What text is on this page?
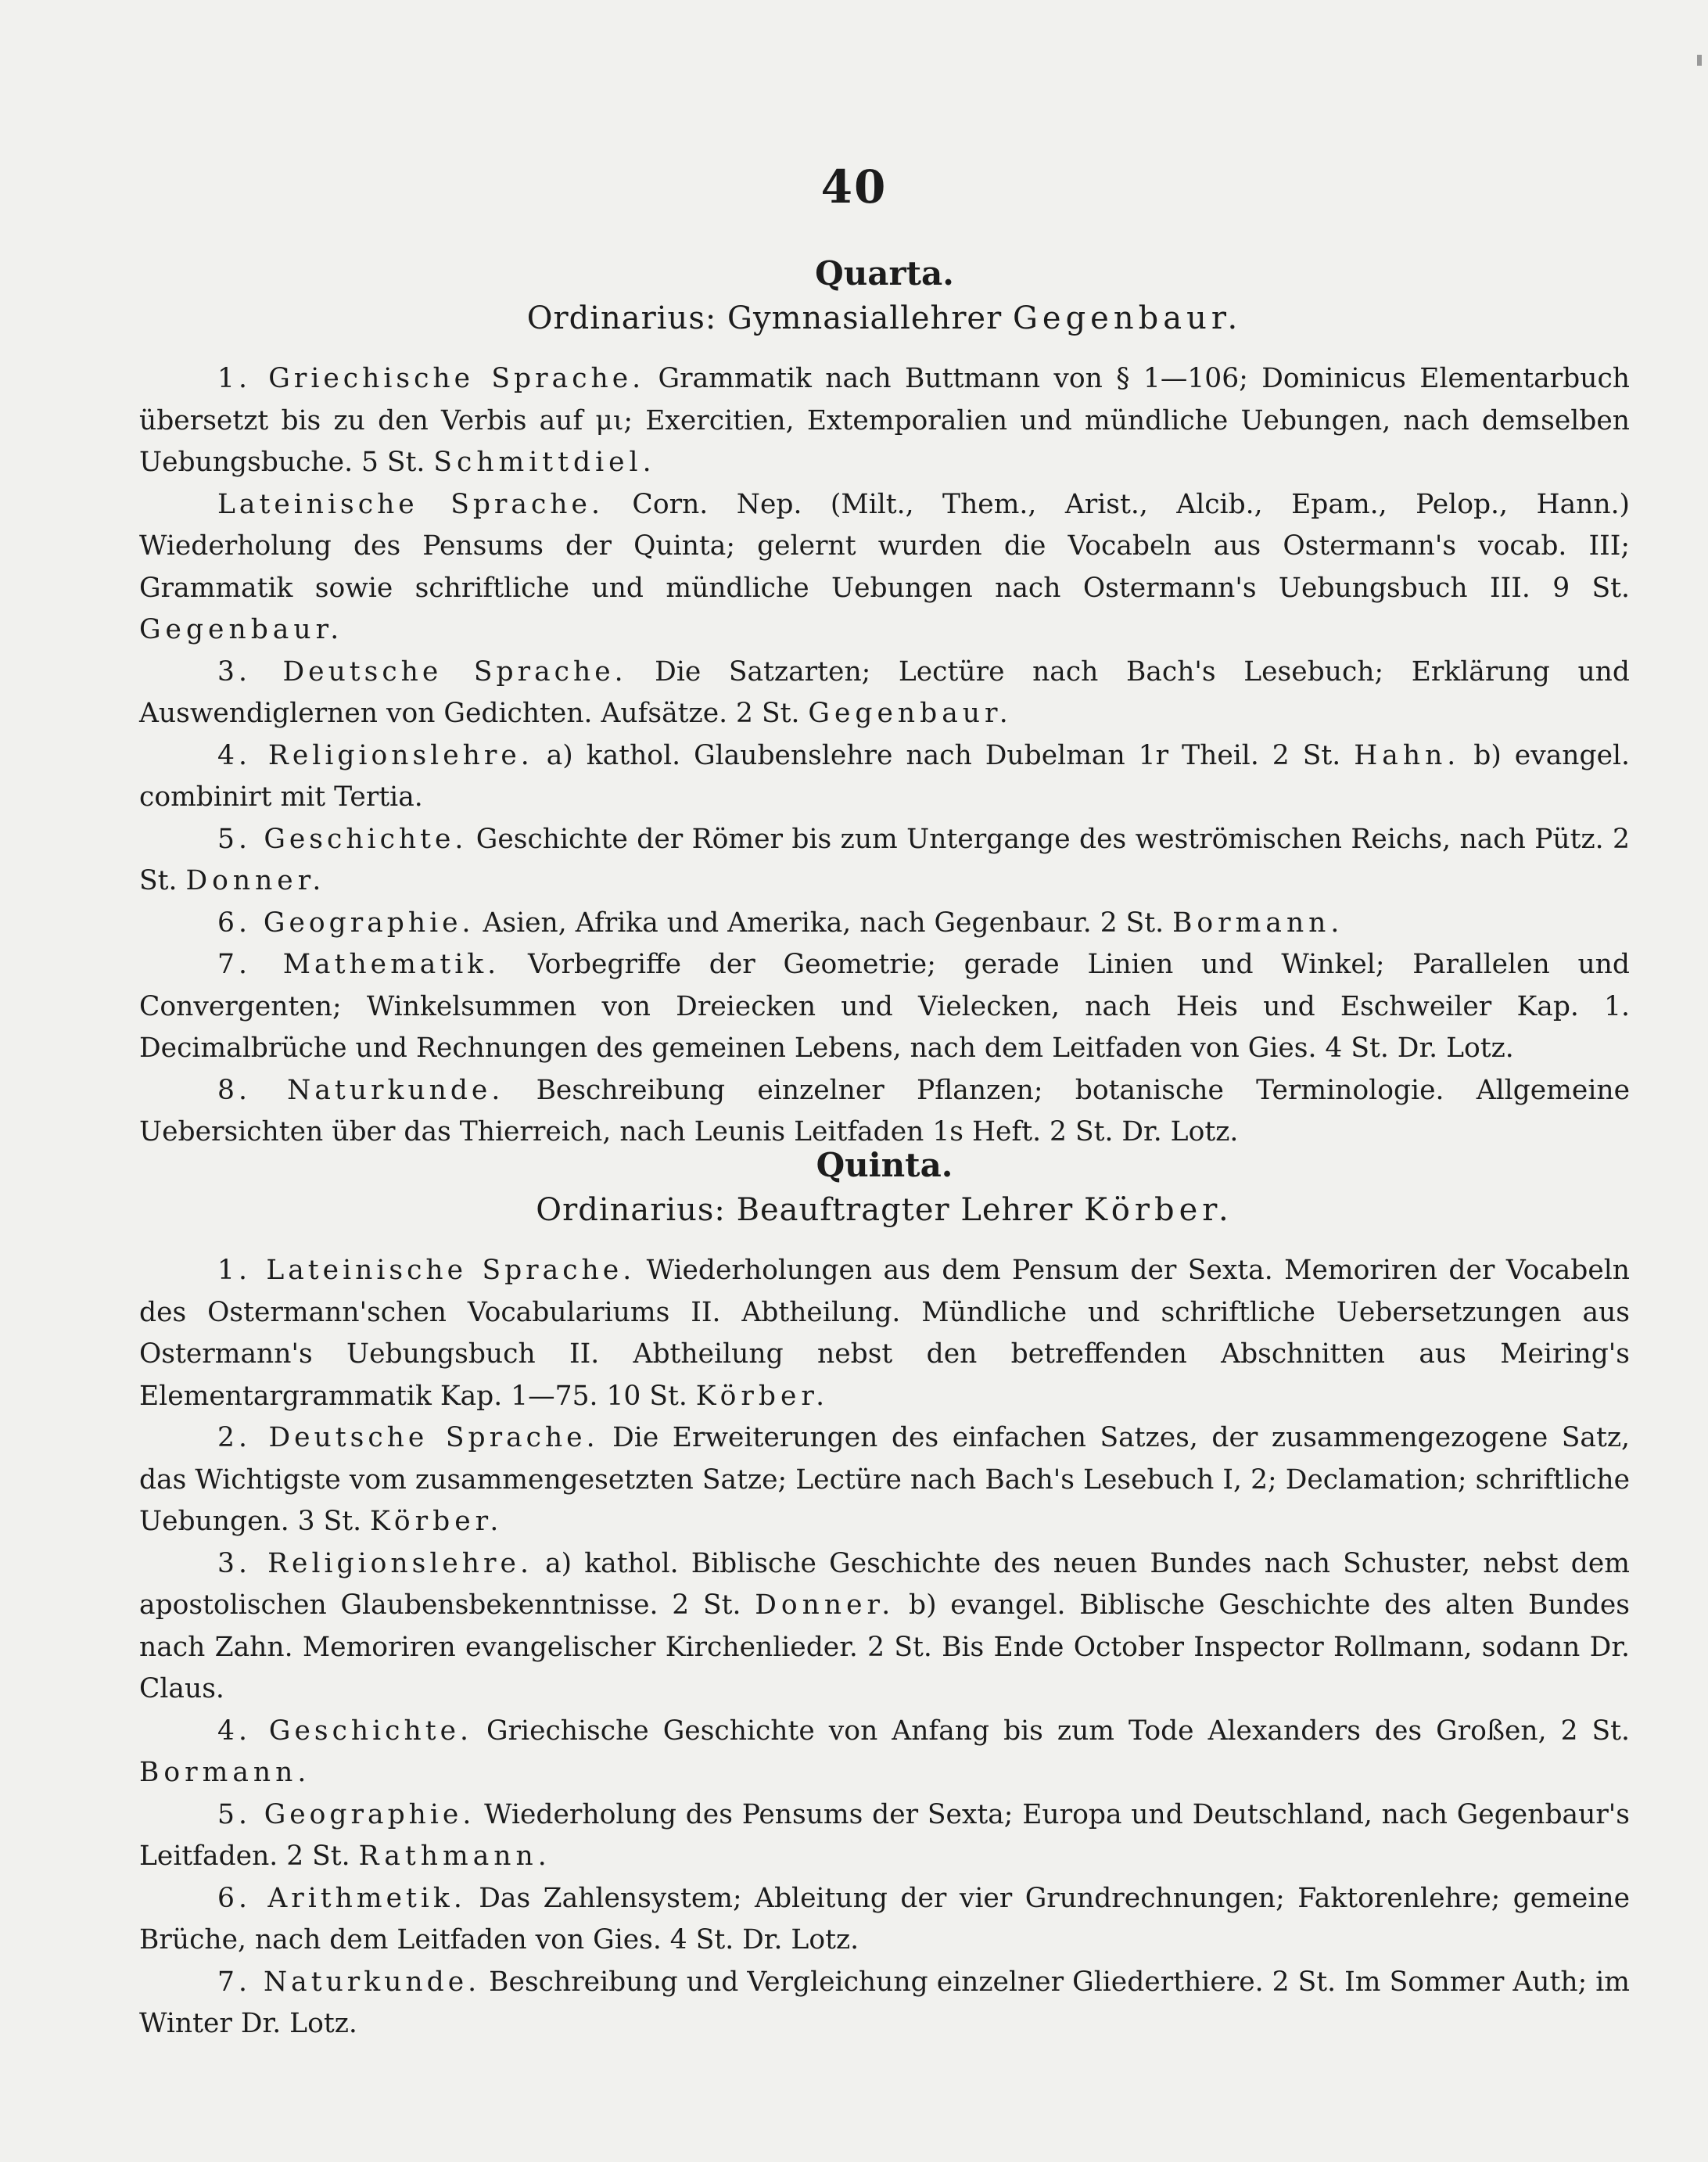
40
Quarta.

Ordinarius: Gymnasiallehrer Gegenbaur.

1. Griechische Sprache. Grammatik nach Buttmann von § 1—106; Dominicus Elementarbuch übersetzt bis zu den Verbis auf μι; Exercitien, Extemporalien und mündliche Uebungen, nach demselben Uebungsbuche. 5 St. Schmittdiel.

Lateinische Sprache. Corn. Nep. (Milt., Them., Arist., Alcib., Epam., Pelop., Hann.) Wiederholung des Pensums der Quinta; gelernt wurden die Vocabeln aus Ostermann's vocab. III; Grammatik sowie schriftliche und mündliche Uebungen nach Ostermann's Uebungsbuch III. 9 St. Gegenbaur.

3. Deutsche Sprache. Die Satzarten; Lectüre nach Bach's Lesebuch; Erklärung und Auswendiglernen von Gedichten. Aufsätze. 2 St. Gegenbaur.

4. Religionslehre. a) kathol. Glaubenslehre nach Dubelman 1r Theil. 2 St. Hahn. b) evangel. combinirt mit Tertia.

5. Geschichte. Geschichte der Römer bis zum Untergange des weströmischen Reichs, nach Pütz. 2 St. Donner.

6. Geographie. Asien, Afrika und Amerika, nach Gegenbaur. 2 St. Bormann.

7. Mathematik. Vorbegriffe der Geometrie; gerade Linien und Winkel; Parallelen und Convergenten; Winkelsummen von Dreiecken und Vielecken, nach Heis und Eschweiler Kap. 1. Decimalbrüche und Rechnungen des gemeinen Lebens, nach dem Leitfaden von Gies. 4 St. Dr. Lotz.

8. Naturkunde. Beschreibung einzelner Pflanzen; botanische Terminologie. Allgemeine Uebersichten über das Thierreich, nach Leunis Leitfaden 1s Heft. 2 St. Dr. Lotz.

Quinta.

Ordinarius: Beauftragter Lehrer Körber.

1. Lateinische Sprache. Wiederholungen aus dem Pensum der Sexta. Memoriren der Vocabeln des Ostermann'schen Vocabulariums II. Abtheilung. Mündliche und schriftliche Uebersetzungen aus Ostermann's Uebungsbuch II. Abtheilung nebst den betreffenden Abschnitten aus Meiring's Elementargrammatik Kap. 1—75. 10 St. Körber.

2. Deutsche Sprache. Die Erweiterungen des einfachen Satzes, der zusammengezogene Satz, das Wichtigste vom zusammengesetzten Satze; Lectüre nach Bach's Lesebuch I, 2; Declamation; schriftliche Uebungen. 3 St. Körber.

3. Religionslehre. a) kathol. Biblische Geschichte des neuen Bundes nach Schuster, nebst dem apostolischen Glaubensbekenntnisse. 2 St. Donner. b) evangel. Biblische Geschichte des alten Bundes nach Zahn. Memoriren evangelischer Kirchenlieder. 2 St. Bis Ende October Inspector Rollmann, sodann Dr. Claus.

4. Geschichte. Griechische Geschichte von Anfang bis zum Tode Alexanders des Großen, 2 St. Bormann.

5. Geographie. Wiederholung des Pensums der Sexta; Europa und Deutschland, nach Gegenbaur's Leitfaden. 2 St. Rathmann.

6. Arithmetik. Das Zahlensystem; Ableitung der vier Grundrechnungen; Faktorenlehre; gemeine Brüche, nach dem Leitfaden von Gies. 4 St. Dr. Lotz.

7. Naturkunde. Beschreibung und Vergleichung einzelner Gliederthiere. 2 St. Im Sommer Auth; im Winter Dr. Lotz.
